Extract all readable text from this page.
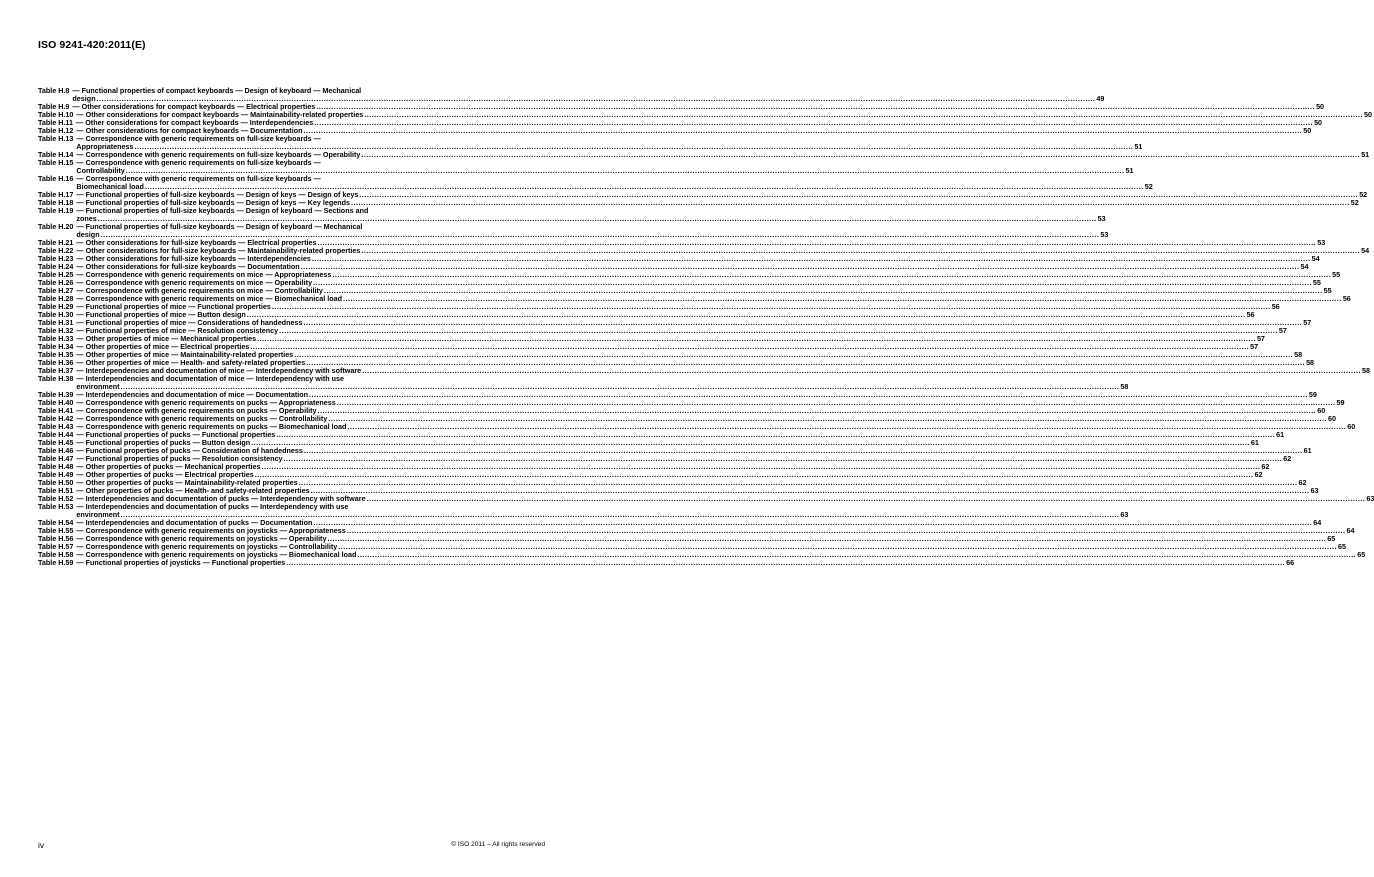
ISO 9241-420:2011(E)
Table H.8 — Functional properties of compact keyboards — Design of keyboard — Mechanical
design ................................................................................................................................................................................................................................................................................................................................................................................................................ 49
Table H.9 — Other considerations for compact keyboards — Electrical properties ................................................................................................................................................................................................................................................................................................................................................................................................................ 50
Table H.10 — Other considerations for compact keyboards — Maintainability-related properties ................................................................................................................................................................................................................................................................................................................................................................................................................ 50
Table H.11 — Other considerations for compact keyboards — Interdependencies ................................................................................................................................................................................................................................................................................................................................................................................................................ 50
Table H.12 — Other considerations for compact keyboards — Documentation ................................................................................................................................................................................................................................................................................................................................................................................................................ 50
Table H.13 — Correspondence with generic requirements on full-size keyboards —
Appropriateness ................................................................................................................................................................................................................................................................................................................................................................................................................ 51
Table H.14 — Correspondence with generic requirements on full-size keyboards — Operability ................................................................................................................................................................................................................................................................................................................................................................................................................ 51
Table H.15 — Correspondence with generic requirements on full-size keyboards —
Controllability ................................................................................................................................................................................................................................................................................................................................................................................................................ 51
Table H.16 — Correspondence with generic requirements on full-size keyboards —
Biomechanical load ................................................................................................................................................................................................................................................................................................................................................................................................................ 52
Table H.17 — Functional properties of full-size keyboards — Design of keys — Design of keys ................................................................................................................................................................................................................................................................................................................................................................................................................ 52
Table H.18 — Functional properties of full-size keyboards — Design of keys — Key legends ................................................................................................................................................................................................................................................................................................................................................................................................................ 52
Table H.19 — Functional properties of full-size keyboards — Design of keyboard — Sections and
zones ................................................................................................................................................................................................................................................................................................................................................................................................................ 53
Table H.20 — Functional properties of full-size keyboards — Design of keyboard — Mechanical
design ................................................................................................................................................................................................................................................................................................................................................................................................................ 53
Table H.21 — Other considerations for full-size keyboards — Electrical properties ................................................................................................................................................................................................................................................................................................................................................................................................................ 53
Table H.22 — Other considerations for full-size keyboards — Maintainability-related properties ................................................................................................................................................................................................................................................................................................................................................................................................................ 54
Table H.23 — Other considerations for full-size keyboards — Interdependencies ................................................................................................................................................................................................................................................................................................................................................................................................................ 54
Table H.24 — Other considerations for full-size keyboards — Documentation ................................................................................................................................................................................................................................................................................................................................................................................................................ 54
Table H.25 — Correspondence with generic requirements on mice — Appropriateness ................................................................................................................................................................................................................................................................................................................................................................................................................ 55
Table H.26 — Correspondence with generic requirements on mice — Operability ................................................................................................................................................................................................................................................................................................................................................................................................................ 55
Table H.27 — Correspondence with generic requirements on mice — Controllability ................................................................................................................................................................................................................................................................................................................................................................................................................ 55
Table H.28 — Correspondence with generic requirements on mice — Biomechanical load ................................................................................................................................................................................................................................................................................................................................................................................................................ 56
Table H.29 — Functional properties of mice — Functional properties ................................................................................................................................................................................................................................................................................................................................................................................................................ 56
Table H.30 — Functional properties of mice — Button design ................................................................................................................................................................................................................................................................................................................................................................................................................ 56
Table H.31 — Functional properties of mice — Considerations of handedness ................................................................................................................................................................................................................................................................................................................................................................................................................ 57
Table H.32 — Functional properties of mice — Resolution consistency ................................................................................................................................................................................................................................................................................................................................................................................................................ 57
Table H.33 — Other properties of mice — Mechanical properties ................................................................................................................................................................................................................................................................................................................................................................................................................ 57
Table H.34 — Other properties of mice — Electrical properties ................................................................................................................................................................................................................................................................................................................................................................................................................ 57
Table H.35 — Other properties of mice — Maintainability-related properties ................................................................................................................................................................................................................................................................................................................................................................................................................ 58
Table H.36 — Other properties of mice — Health- and safety-related properties ................................................................................................................................................................................................................................................................................................................................................................................................................ 58
Table H.37 — Interdependencies and documentation of mice — Interdependency with software ................................................................................................................................................................................................................................................................................................................................................................................................................ 58
Table H.38 — Interdependencies and documentation of mice — Interdependency with use
environment ................................................................................................................................................................................................................................................................................................................................................................................................................ 58
Table H.39 — Interdependencies and documentation of mice — Documentation ................................................................................................................................................................................................................................................................................................................................................................................................................ 59
Table H.40 — Correspondence with generic requirements on pucks — Appropriateness ................................................................................................................................................................................................................................................................................................................................................................................................................ 59
Table H.41 — Correspondence with generic requirements on pucks — Operability ................................................................................................................................................................................................................................................................................................................................................................................................................ 60
Table H.42 — Correspondence with generic requirements on pucks — Controllability ................................................................................................................................................................................................................................................................................................................................................................................................................ 60
Table H.43 — Correspondence with generic requirements on pucks — Biomechanical load ................................................................................................................................................................................................................................................................................................................................................................................................................ 60
Table H.44 — Functional properties of pucks — Functional properties ................................................................................................................................................................................................................................................................................................................................................................................................................ 61
Table H.45 — Functional properties of pucks — Button design ................................................................................................................................................................................................................................................................................................................................................................................................................ 61
Table H.46 — Functional properties of pucks — Consideration of handedness ................................................................................................................................................................................................................................................................................................................................................................................................................ 61
Table H.47 — Functional properties of pucks — Resolution consistency ................................................................................................................................................................................................................................................................................................................................................................................................................ 62
Table H.48 — Other properties of pucks — Mechanical properties ................................................................................................................................................................................................................................................................................................................................................................................................................ 62
Table H.49 — Other properties of pucks — Electrical properties ................................................................................................................................................................................................................................................................................................................................................................................................................ 62
Table H.50 — Other properties of pucks — Maintainability-related properties ................................................................................................................................................................................................................................................................................................................................................................................................................ 62
Table H.51 — Other properties of pucks — Health- and safety-related properties ................................................................................................................................................................................................................................................................................................................................................................................................................ 63
Table H.52 — Interdependencies and documentation of pucks — Interdependency with software ................................................................................................................................................................................................................................................................................................................................................................................................................ 63
Table H.53 — Interdependencies and documentation of pucks — Interdependency with use
environment ................................................................................................................................................................................................................................................................................................................................................................................................................ 63
Table H.54 — Interdependencies and documentation of pucks — Documentation ................................................................................................................................................................................................................................................................................................................................................................................................................ 64
Table H.55 — Correspondence with generic requirements on joysticks — Appropriateness ................................................................................................................................................................................................................................................................................................................................................................................................................ 64
Table H.56 — Correspondence with generic requirements on joysticks — Operability ................................................................................................................................................................................................................................................................................................................................................................................................................ 65
Table H.57 — Correspondence with generic requirements on joysticks — Controllability ................................................................................................................................................................................................................................................................................................................................................................................................................ 65
Table H.58 — Correspondence with generic requirements on joysticks — Biomechanical load ................................................................................................................................................................................................................................................................................................................................................................................................................ 65
Table H.59 — Functional properties of joysticks — Functional properties ................................................................................................................................................................................................................................................................................................................................................................................................................ 66
iv	© ISO 2011 – All rights reserved
